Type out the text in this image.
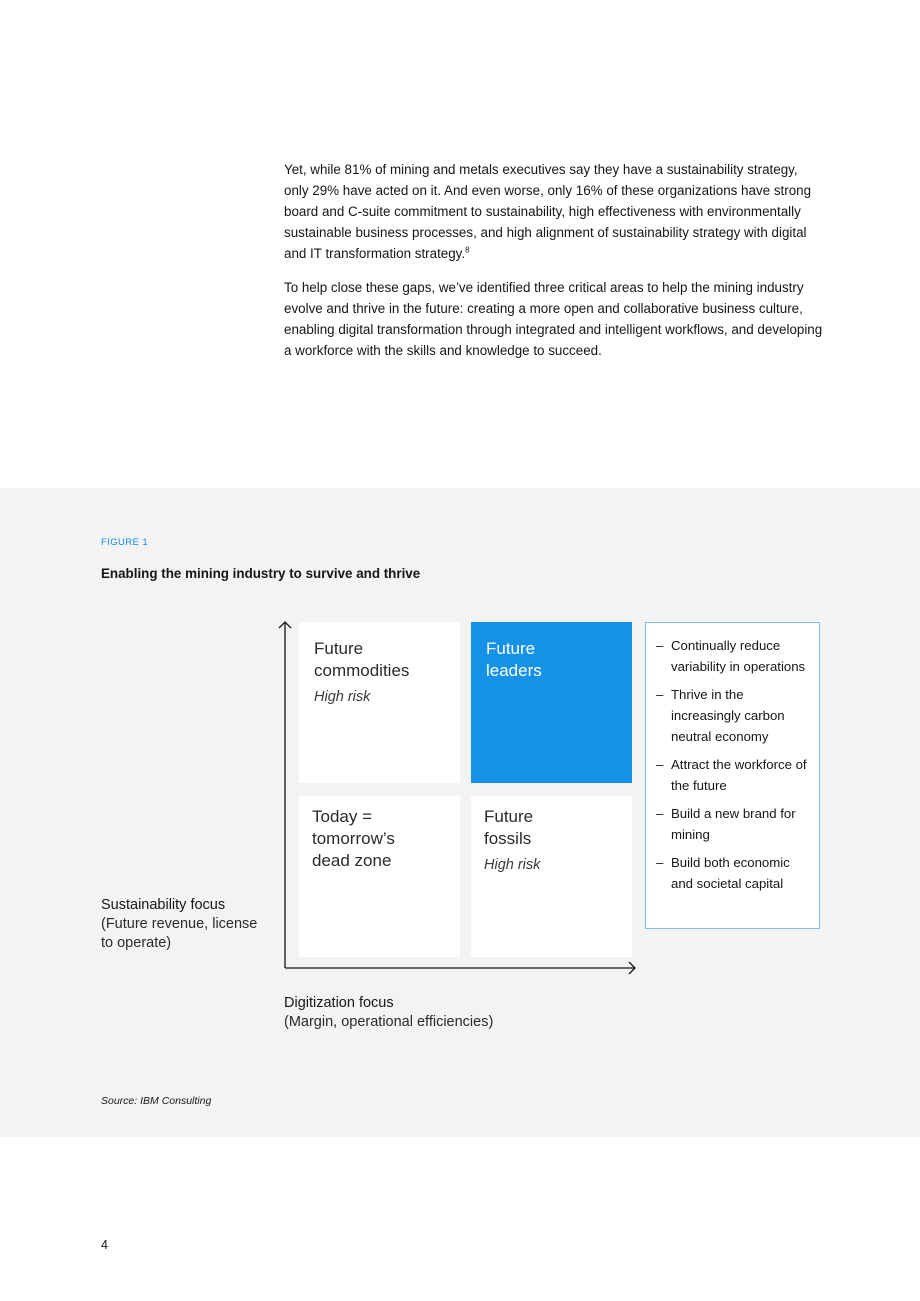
Yet, while 81% of mining and metals executives say they have a sustainability strategy, only 29% have acted on it. And even worse, only 16% of these organizations have strong board and C-suite commitment to sustainability, high effectiveness with environmentally sustainable business processes, and high alignment of sustainability strategy with digital and IT transformation strategy.$^8$

To help close these gaps, we’ve identified three critical areas to help the mining industry evolve and thrive in the future: creating a more open and collaborative business culture, enabling digital transformation through integrated and intelligent workflows, and developing a workforce with the skills and knowledge to succeed.

FIGURE 1
Enabling the mining industry to survive and thrive
Future
commodities
High risk
Future
leaders
Today =
tomorrow’s
dead zone
Future
fossils
High risk
– Continually reduce variability in operations
– Thrive in the increasingly carbon neutral economy
– Attract the workforce of the future
– Build a new brand for mining
– Build both economic and societal capital
Sustainability focus
(Future revenue, license to operate)
Digitization focus
(Margin, operational efficiencies)
Source: IBM Consulting
4
